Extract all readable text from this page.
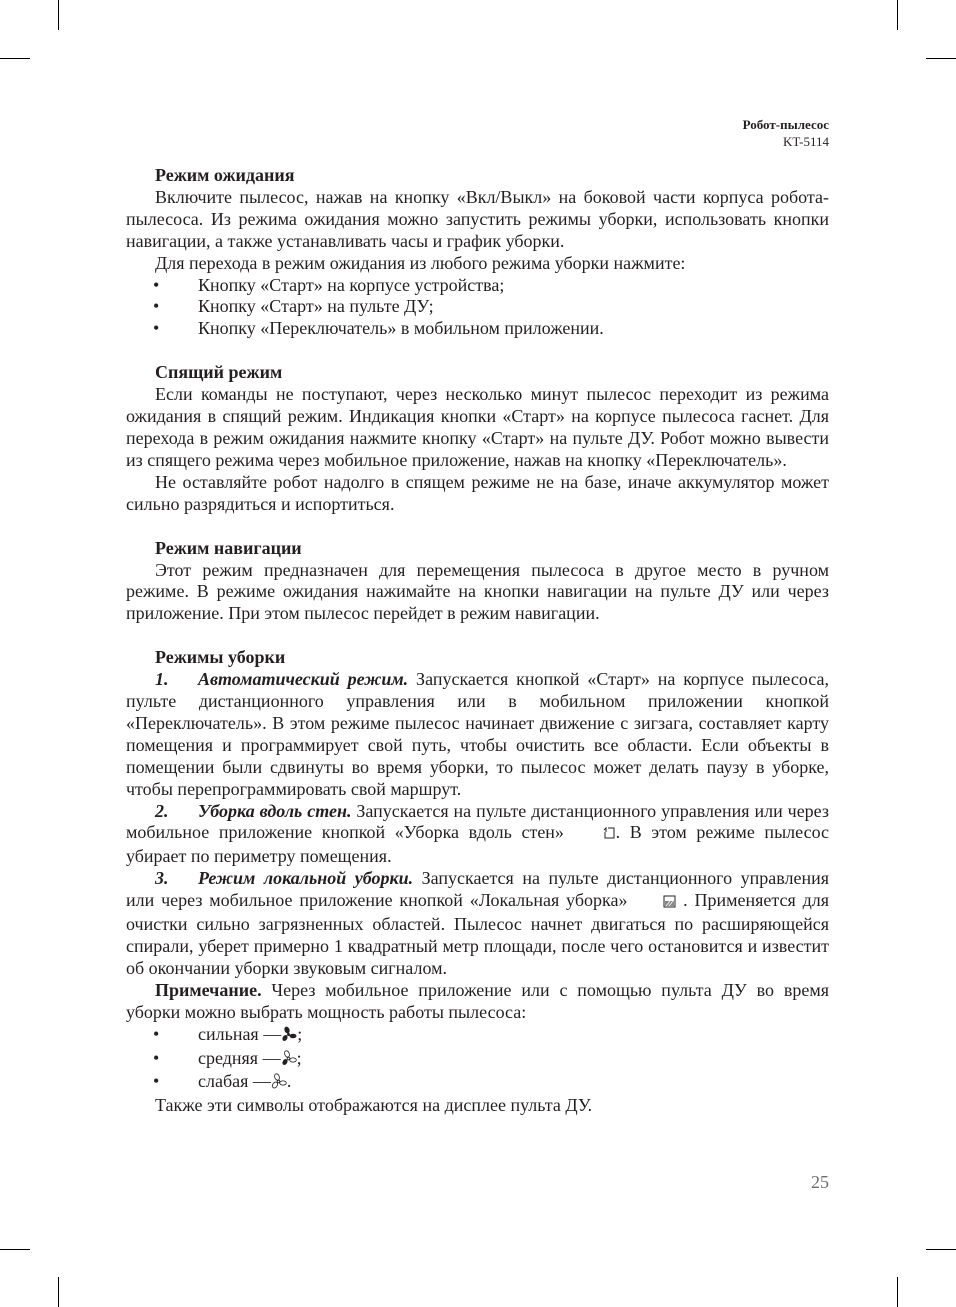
Робот-пылесос
KT-5114
Режим ожидания

Включите пылесос, нажав на кнопку «Вкл/Выкл» на боковой части корпуса робота-пылесоса. Из режима ожидания можно запустить режимы уборки, использовать кнопки навигации, а также устанавливать часы и график уборки.

Для перехода в режим ожидания из любого режима уборки нажмите:

• Кнопку «Старт» на корпусе устройства;
• Кнопку «Старт» на пульте ДУ;
• Кнопку «Переключатель» в мобильном приложении.
Спящий режим

Если команды не поступают, через несколько минут пылесос переходит из режима ожидания в спящий режим. Индикация кнопки «Старт» на корпусе пылесоса гаснет. Для перехода в режим ожидания нажмите кнопку «Старт» на пульте ДУ. Робот можно вывести из спящего режима через мобильное приложение, нажав на кнопку «Переключатель».

Не оставляйте робот надолго в спящем режиме не на базе, иначе аккумулятор может сильно разрядиться и испортиться.

Режим навигации

Этот режим предназначен для перемещения пылесоса в другое место в ручном режиме. В режиме ожидания нажимайте на кнопки навигации на пульте ДУ или через приложение. При этом пылесос перейдет в режим навигации.

Режимы уборки

1. Автоматический режим. Запускается кнопкой «Старт» на корпусе пылесоса, пульте дистанционного управления или в мобильном приложении кнопкой «Переключатель». В этом режиме пылесос начинает движение с зигзага, составляет карту помещения и программирует свой путь, чтобы очистить все области. Если объекты в помещении были сдвинуты во время уборки, то пылесос может делать паузу в уборке, чтобы перепрограммировать свой маршрут.

2. Уборка вдоль стен. Запускается на пульте дистанционного управления или через мобильное приложение кнопкой «Уборка вдоль стен»	. В этом режиме пылесос убирает по периметру помещения.

3. Режим локальной уборки. Запускается на пульте дистанционного управления или через мобильное приложение кнопкой «Локальная уборка»	. Применяется для очистки сильно загрязненных областей. Пылесос начнет двигаться по расширяющейся спирали, уберет примерно 1 квадратный метр площади, после чего остановится и известит об окончании уборки звуковым сигналом.

Примечание. Через мобильное приложение или с помощью пульта ДУ во время уборки можно выбрать мощность работы пылесоса:

• сильная — ;
• средняя — ;
• слабая — .

Также эти символы отображаются на дисплее пульта ДУ.

25
